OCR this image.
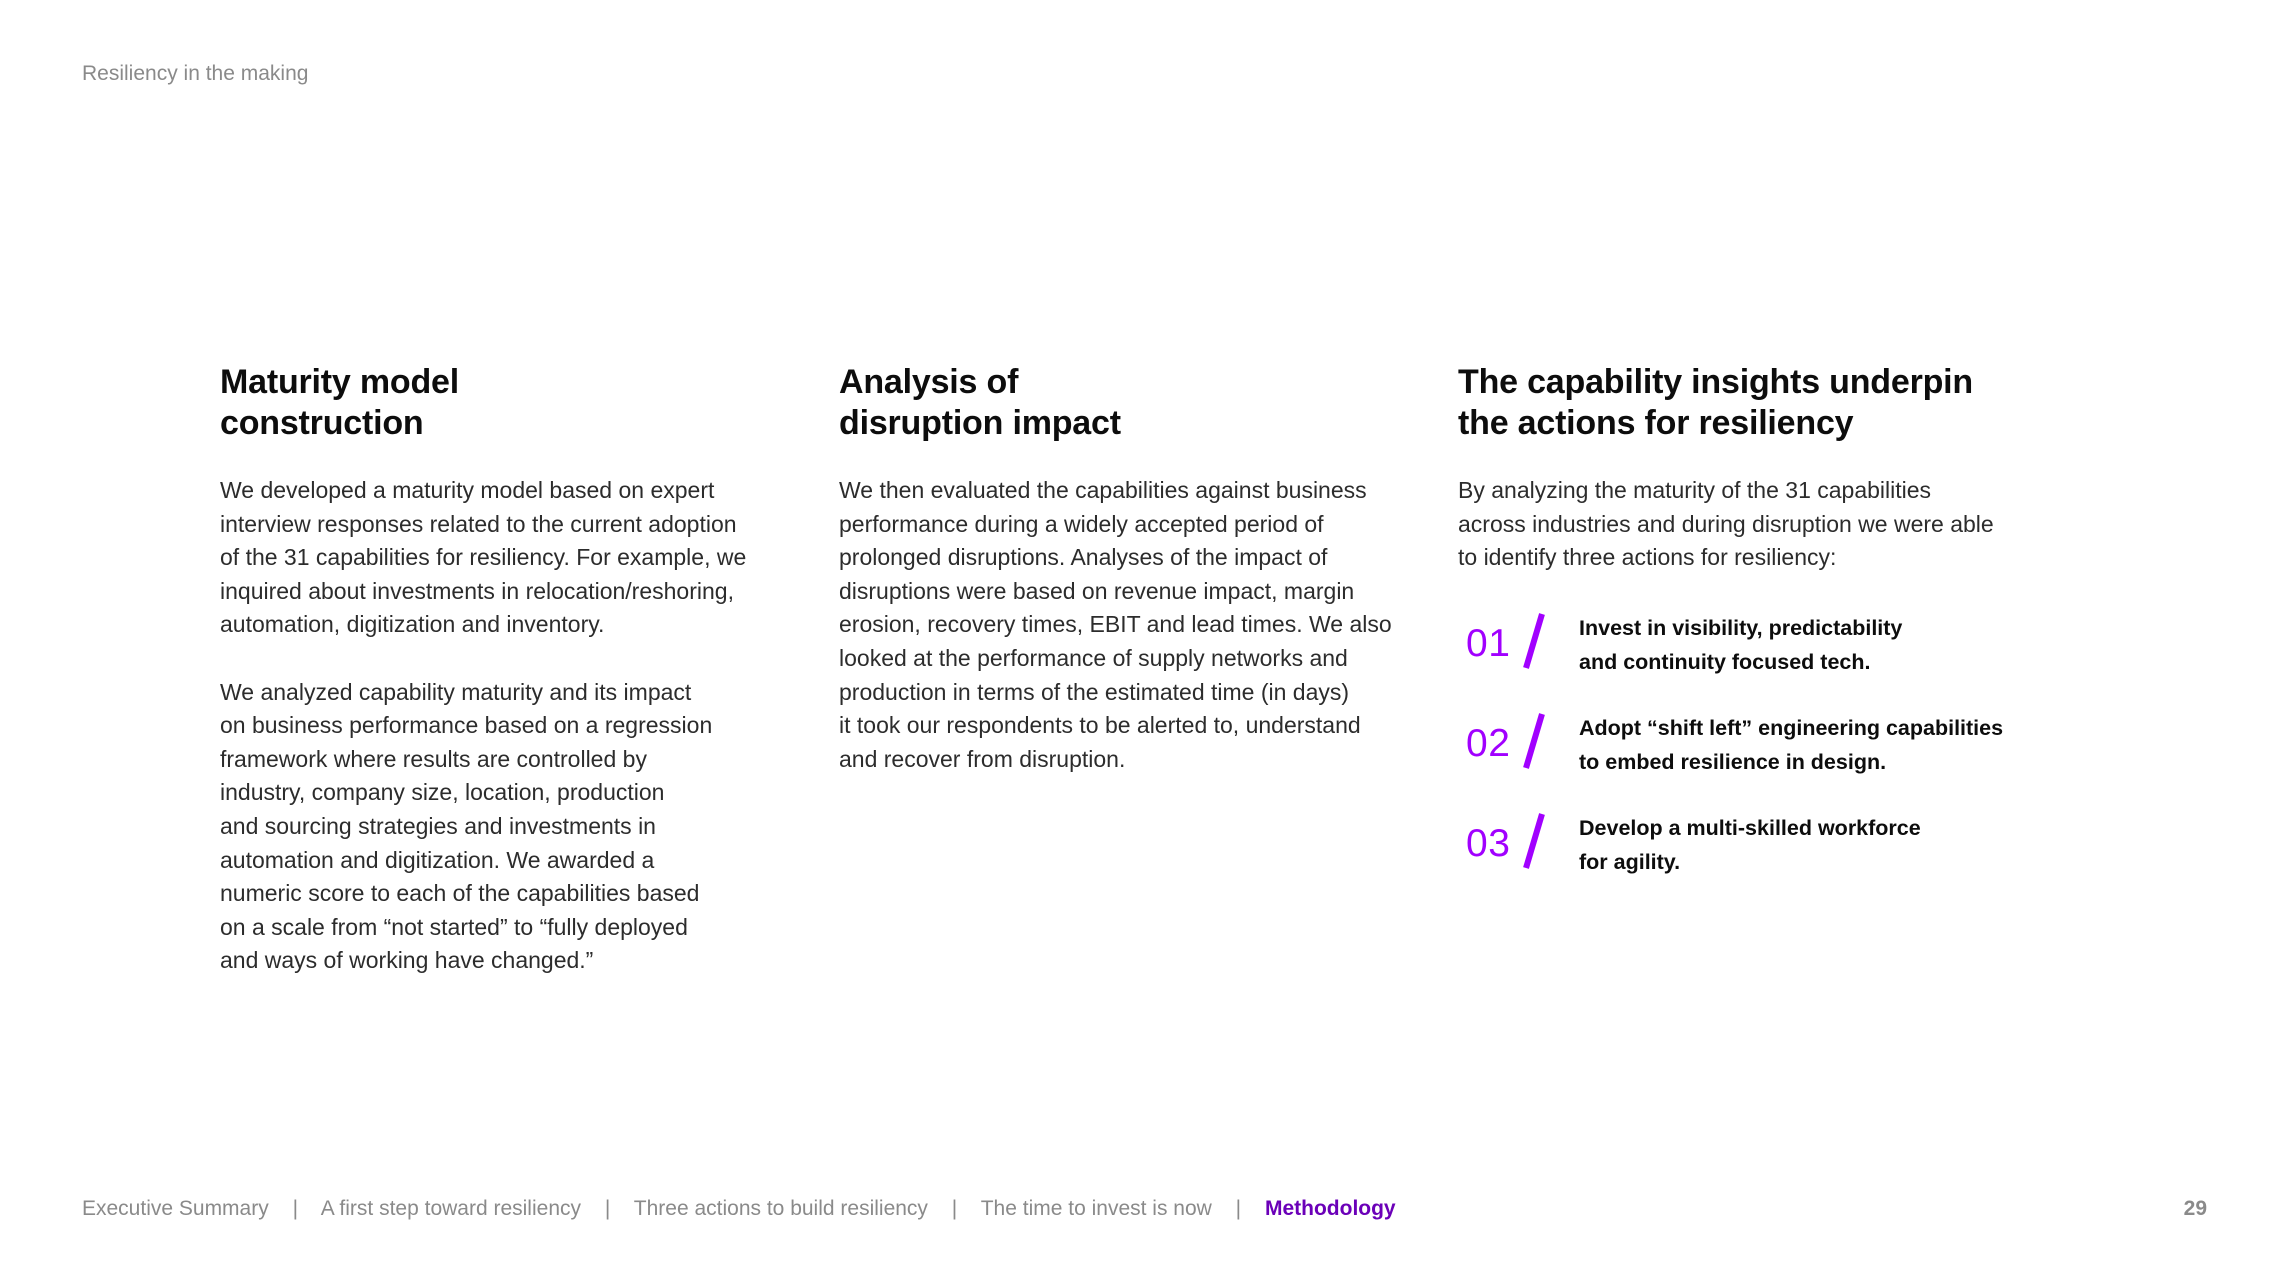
Resiliency in the making
Maturity model
construction

We developed a maturity model based on expert
interview responses related to the current adoption
of the 31 capabilities for resiliency. For example, we
inquired about investments in relocation/reshoring,
automation, digitization and inventory.

We analyzed capability maturity and its impact
on business performance based on a regression
framework where results are controlled by
industry, company size, location, production
and sourcing strategies and investments in
automation and digitization. We awarded a
numeric score to each of the capabilities based
on a scale from “not started” to “fully deployed
and ways of working have changed.”

Analysis of
disruption impact

We then evaluated the capabilities against business
performance during a widely accepted period of
prolonged disruptions. Analyses of the impact of
disruptions were based on revenue impact, margin
erosion, recovery times, EBIT and lead times. We also
looked at the performance of supply networks and
production in terms of the estimated time (in days)
it took our respondents to be alerted to, understand
and recover from disruption.

The capability insights underpin
the actions for resiliency

By analyzing the maturity of the 31 capabilities
across industries and during disruption we were able
to identify three actions for resiliency:

01	Invest in visibility, predictability
and continuity focused tech.
02	Adopt “shift left” engineering capabilities
to embed resilience in design.
03	Develop a multi-skilled workforce
for agility.
Executive Summary | A first step toward resiliency | Three actions to build resiliency | The time to invest is now | Methodology	29
